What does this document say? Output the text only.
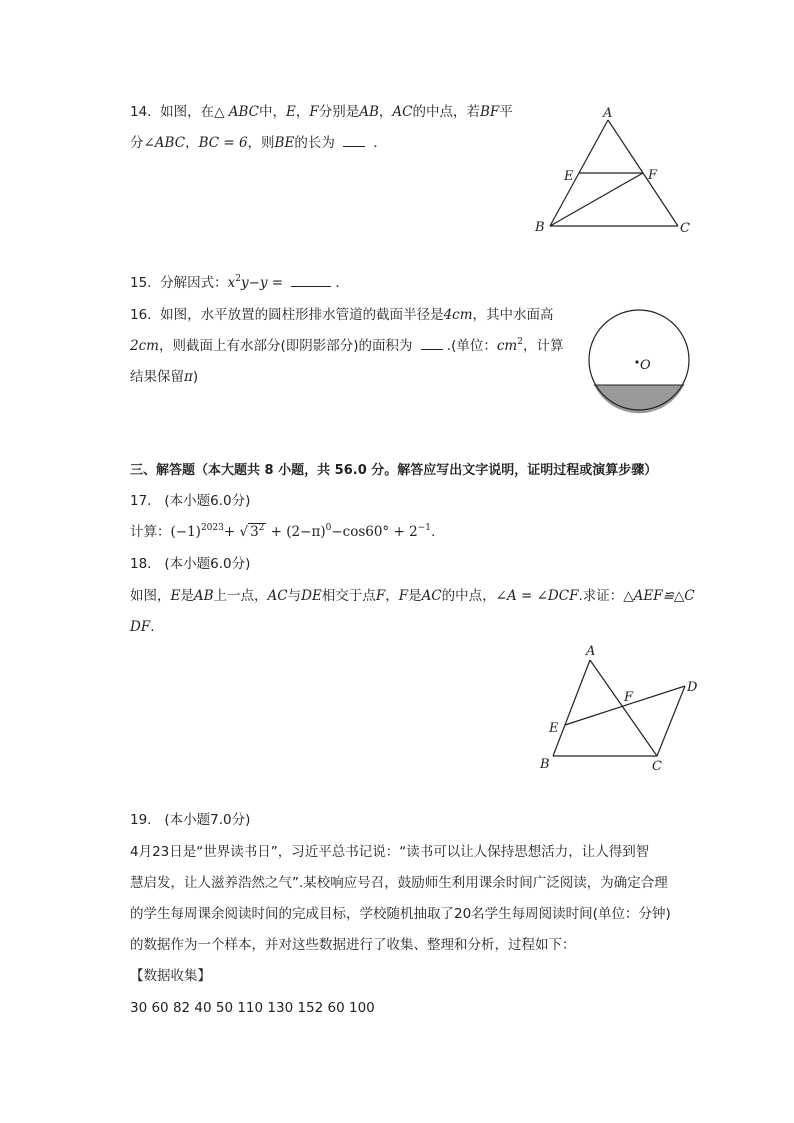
14. 如图，在△ ABC中，E，F分别是AB，AC的中点，若BF平
分∠ABC，BC = 6，则BE的长为	．
A
B	C
E	F
15. 分解因式：$x^2y-y$ =	．
16. 如图，水平放置的圆柱形排水管道的截面半径是4cm，其中水面高
2cm，则截面上有水部分(即阴影部分)的面积为	.(单位：$cm^2$，计算
结果保留π)
O
三、解答题（本大题共 8 小题，共 56.0 分。解答应写出文字说明，证明过程或演算步骤）
17. (本小题6.0分)
计算：$(-1)^{2023}+$ √ $3^2 + (2-\pi)^0-\cos 60^\circ + 2^{-1}$.
18. (本小题6.0分)
如图，E是AB上一点，AC与DE相交于点F，F是AC的中点，∠A = ∠DCF.求证：△AEF≌△C
DF.
A
B	C
D
E
F
19. (本小题7.0分)
4月23日是“世界读书日”，习近平总书记说：“读书可以让人保持思想活力，让人得到智
慧启发，让人滋养浩然之气”.某校响应号召，鼓励师生利用课余时间广泛阅读，为确定合理
的学生每周课余阅读时间的完成目标，学校随机抽取了20名学生每周阅读时间(单位：分钟)
的数据作为一个样本，并对这些数据进行了收集、整理和分析，过程如下：
【数据收集】
30 60 82 40 50 110 130 152 60 100
